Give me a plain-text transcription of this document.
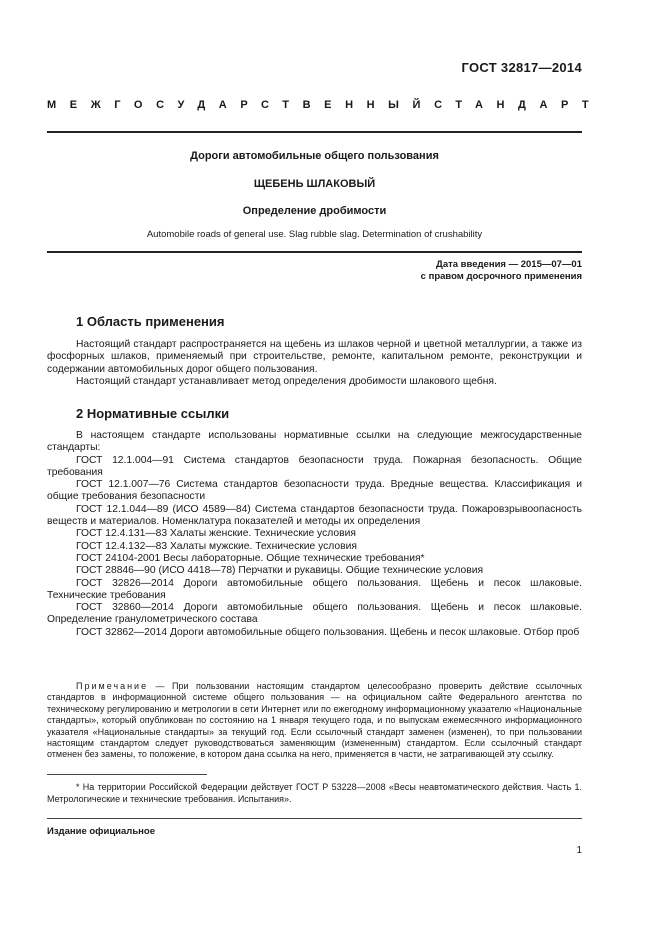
ГОСТ 32817—2014
МЕЖГОСУДАРСТВЕННЫЙ СТАНДАРТ
Дороги автомобильные общего пользования
ЩЕБЕНЬ ШЛАКОВЫЙ
Определение дробимости
Automobile roads of general use. Slag rubble slag. Determination of crushability
Дата введения — 2015—07—01
с правом досрочного применения
1 Область применения

Настоящий стандарт распространяется на щебень из шлаков черной и цветной металлургии, а также из фосфорных шлаков, применяемый при строительстве, ремонте, капитальном ремонте, реконструкции и содержании автомобильных дорог общего пользования.

Настоящий стандарт устанавливает метод определения дробимости шлакового щебня.

2 Нормативные ссылки

В настоящем стандарте использованы нормативные ссылки на следующие межгосударственные стандарты:

ГОСТ 12.1.004—91 Система стандартов безопасности труда. Пожарная безопасность. Общие требования

ГОСТ 12.1.007—76 Система стандартов безопасности труда. Вредные вещества. Классификация и общие требования безопасности

ГОСТ 12.1.044—89 (ИСО 4589—84) Система стандартов безопасности труда. Пожаровзрывоопасность веществ и материалов. Номенклатура показателей и методы их определения

ГОСТ 12.4.131—83 Халаты женские. Технические условия

ГОСТ 12.4.132—83 Халаты мужские. Технические условия

ГОСТ 24104-2001 Весы лабораторные. Общие технические требования*

ГОСТ 28846—90 (ИСО 4418—78) Перчатки и рукавицы. Общие технические условия

ГОСТ 32826—2014 Дороги автомобильные общего пользования. Щебень и песок шлаковые. Технические требования

ГОСТ 32860—2014 Дороги автомобильные общего пользования. Щебень и песок шлаковые. Определение гранулометрического состава

ГОСТ 32862—2014 Дороги автомобильные общего пользования. Щебень и песок шлаковые. Отбор проб

Примечание — При пользовании настоящим стандартом целесообразно проверить действие ссылочных стандартов в информационной системе общего пользования — на официальном сайте Федерального агентства по техническому регулированию и метрологии в сети Интернет или по ежегодному информационному указателю «Национальные стандарты», который опубликован по состоянию на 1 января текущего года, и по выпускам ежемесячного информационного указателя «Национальные стандарты» за текущий год. Если ссылочный стандарт заменен (изменен), то при пользовании настоящим стандартом следует руководствоваться заменяющим (измененным) стандартом. Если ссылочный стандарт отменен без замены, то положение, в котором дана ссылка на него, применяется в части, не затрагивающей эту ссылку.

* На территории Российской Федерации действует ГОСТ Р 53228—2008 «Весы неавтоматического действия. Часть 1. Метрологические и технические требования. Испытания».

Издание официальное
1
